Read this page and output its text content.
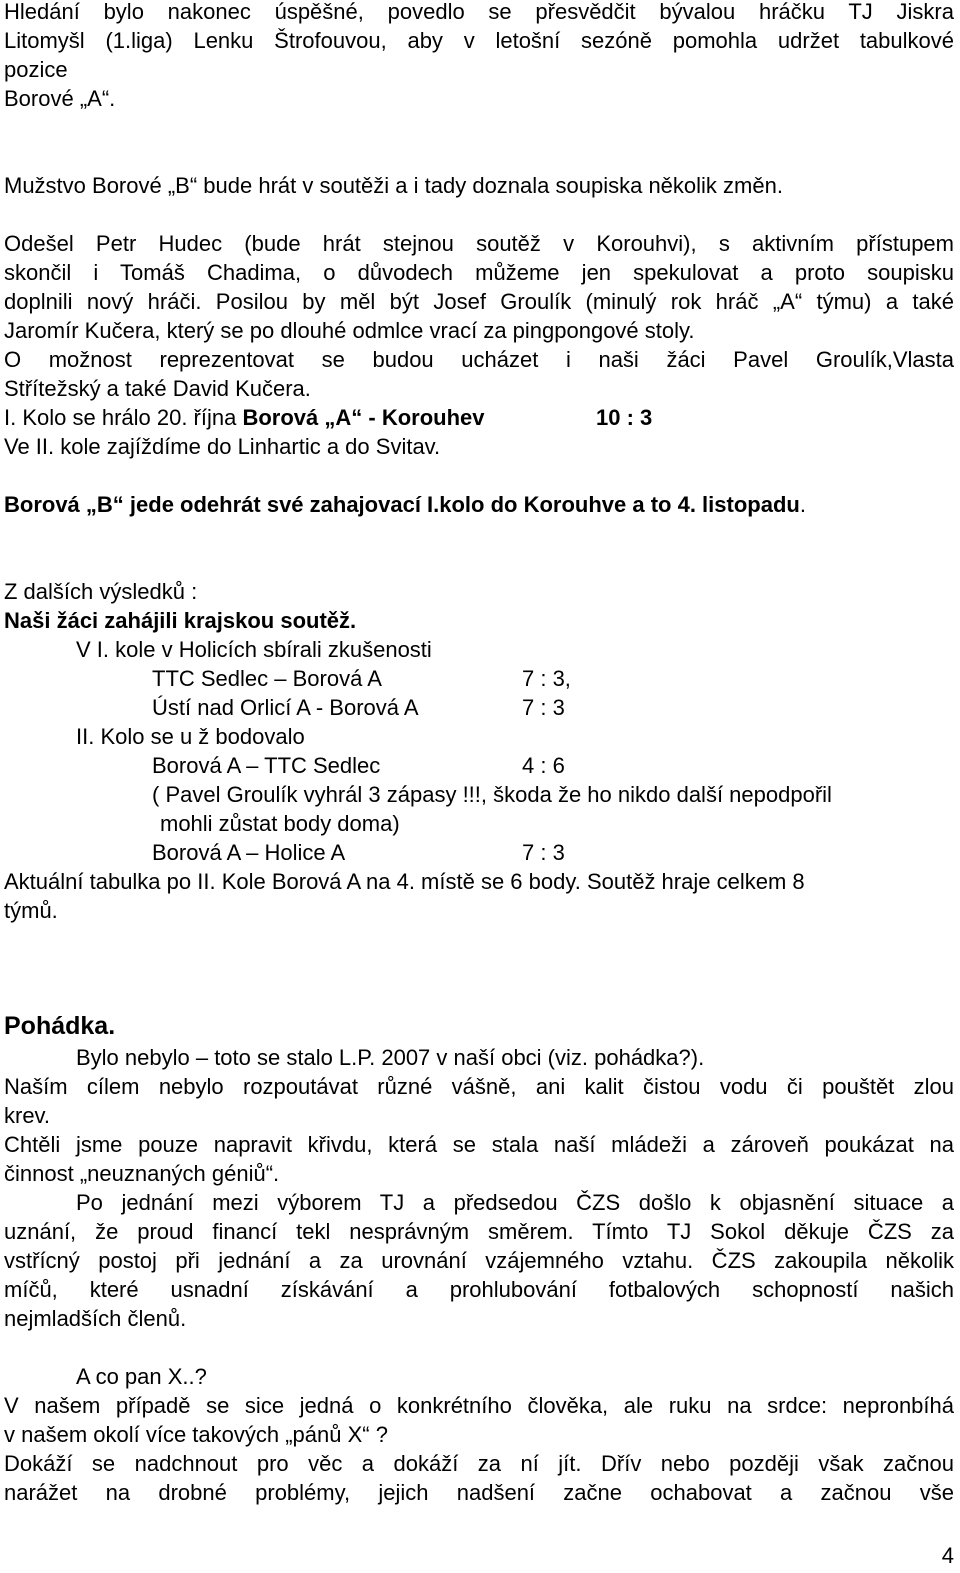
Hledání bylo nakonec úspěšné, povedlo se přesvědčit bývalou hráčku TJ Jiskra
Litomyšl (1.liga) Lenku Štrofouvou, aby v letošní sezóně pomohla udržet tabulkové
pozice
Borové „A“.
Mužstvo Borové „B“ bude hrát v soutěži a i tady doznala soupiska několik změn.
Odešel Petr Hudec (bude hrát stejnou soutěž v Korouhvi), s aktivním přístupem
skončil i Tomáš Chadima, o důvodech můžeme jen spekulovat a proto soupisku
doplnili nový hráči. Posilou by měl být Josef Groulík (minulý rok hráč „A“ týmu) a také
Jaromír Kučera, který se po dlouhé odmlce vrací za pingpongové stoly.
O možnost reprezentovat se budou ucházet i naši žáci Pavel Groulík,Vlasta
Střítežský a také David Kučera.
I. Kolo se hrálo 20. října Borová „A“ - Korouhev	10 : 3
Ve II. kole zajíždíme do Linhartic a do Svitav.
Borová „B“ jede odehrát své zahajovací I.kolo do Korouhve a to 4. listopadu.
Z dalších výsledků :
Naši žáci zahájili krajskou soutěž.
V I. kole v Holicích sbírali zkušenosti
TTC Sedlec – Borová A	7 : 3,
Ústí nad Orlicí A - Borová A	7 : 3
II. Kolo se u ž bodovalo
Borová A – TTC Sedlec	4 : 6
( Pavel Groulík vyhrál 3 zápasy !!!, škoda že ho nikdo další nepodpořil
mohli zůstat body doma)
Borová A – Holice A	7 : 3
Aktuální tabulka po II. Kole Borová A na 4. místě se 6 body. Soutěž hraje celkem 8
týmů.
Pohádka.
Bylo nebylo – toto se stalo L.P. 2007 v naší obci (viz. pohádka?).
Naším cílem nebylo rozpoutávat různé vášně, ani kalit čistou vodu či pouštět zlou
krev.
Chtěli jsme pouze napravit křivdu, která se stala naší mládeži a zároveň poukázat na
činnost „neuznaných géniů“.
Po jednání mezi výborem TJ a předsedou ČZS došlo k objasnění situace a
uznání, že proud financí tekl nesprávným směrem. Tímto TJ Sokol děkuje ČZS za
vstřícný postoj při jednání a za urovnání vzájemného vztahu. ČZS zakoupila několik
míčů, které usnadní získávání a prohlubování fotbalových schopností našich
nejmladších členů.
A co pan X..?
V našem případě se sice jedná o konkrétního člověka, ale ruku na srdce: nepronbíhá
v našem okolí více takových „pánů X“ ?
Dokáží se nadchnout pro věc a dokáží za ní jít. Dřív nebo později však začnou
narážet na drobné problémy, jejich nadšení začne ochabovat a začnou vše
4
